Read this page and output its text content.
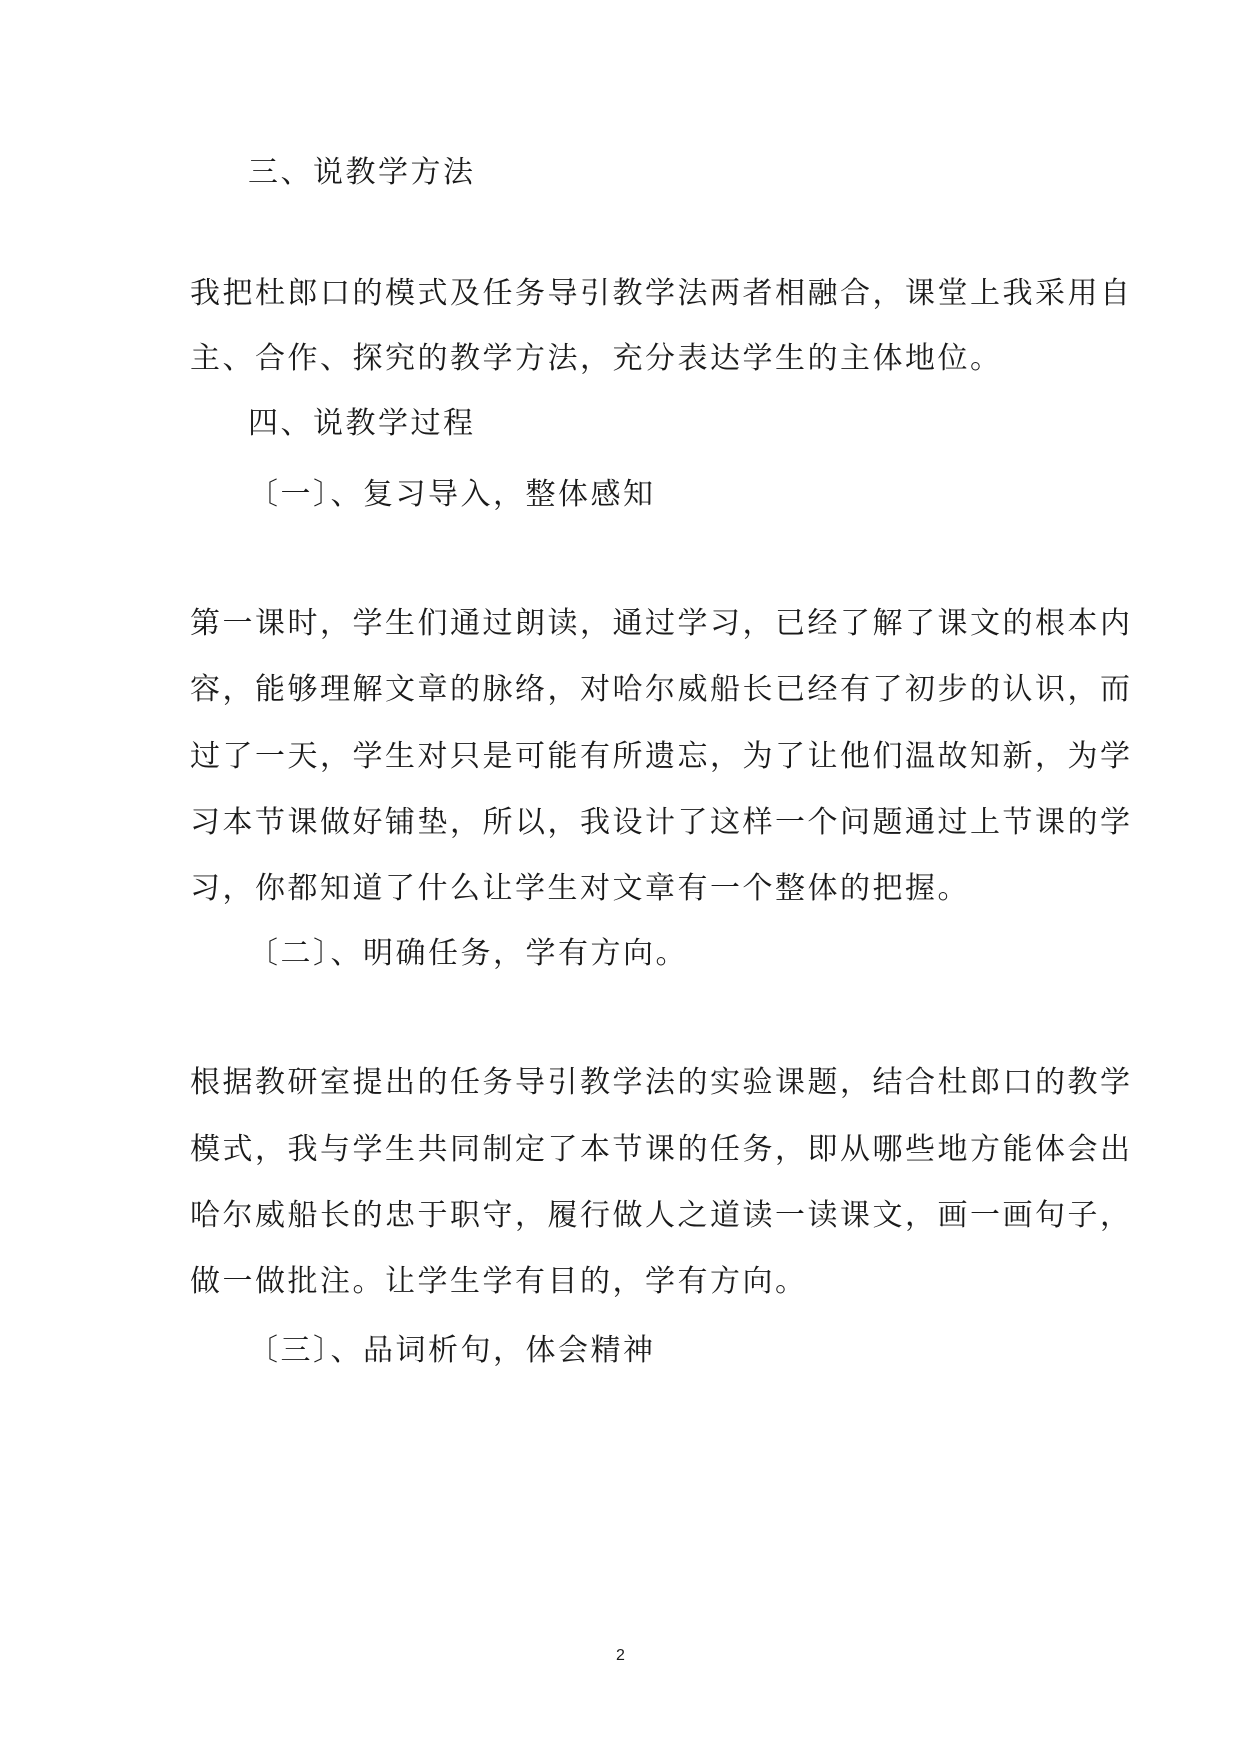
三、说教学方法
我把杜郎口的模式及任务导引教学法两者相融合，课堂上我采用自
主、合作、探究的教学方法，充分表达学生的主体地位。
四、说教学过程
〔一〕、复习导入，整体感知
第一课时，学生们通过朗读，通过学习，已经了解了课文的根本内
容，能够理解文章的脉络，对哈尔威船长已经有了初步的认识，而
过了一天，学生对只是可能有所遗忘，为了让他们温故知新，为学
习本节课做好铺垫，所以，我设计了这样一个问题通过上节课的学
习，你都知道了什么让学生对文章有一个整体的把握。
〔二〕、明确任务，学有方向。
根据教研室提出的任务导引教学法的实验课题，结合杜郎口的教学
模式，我与学生共同制定了本节课的任务，即从哪些地方能体会出
哈尔威船长的忠于职守，履行做人之道读一读课文，画一画句子，
做一做批注。让学生学有目的，学有方向。
〔三〕、品词析句，体会精神
2
